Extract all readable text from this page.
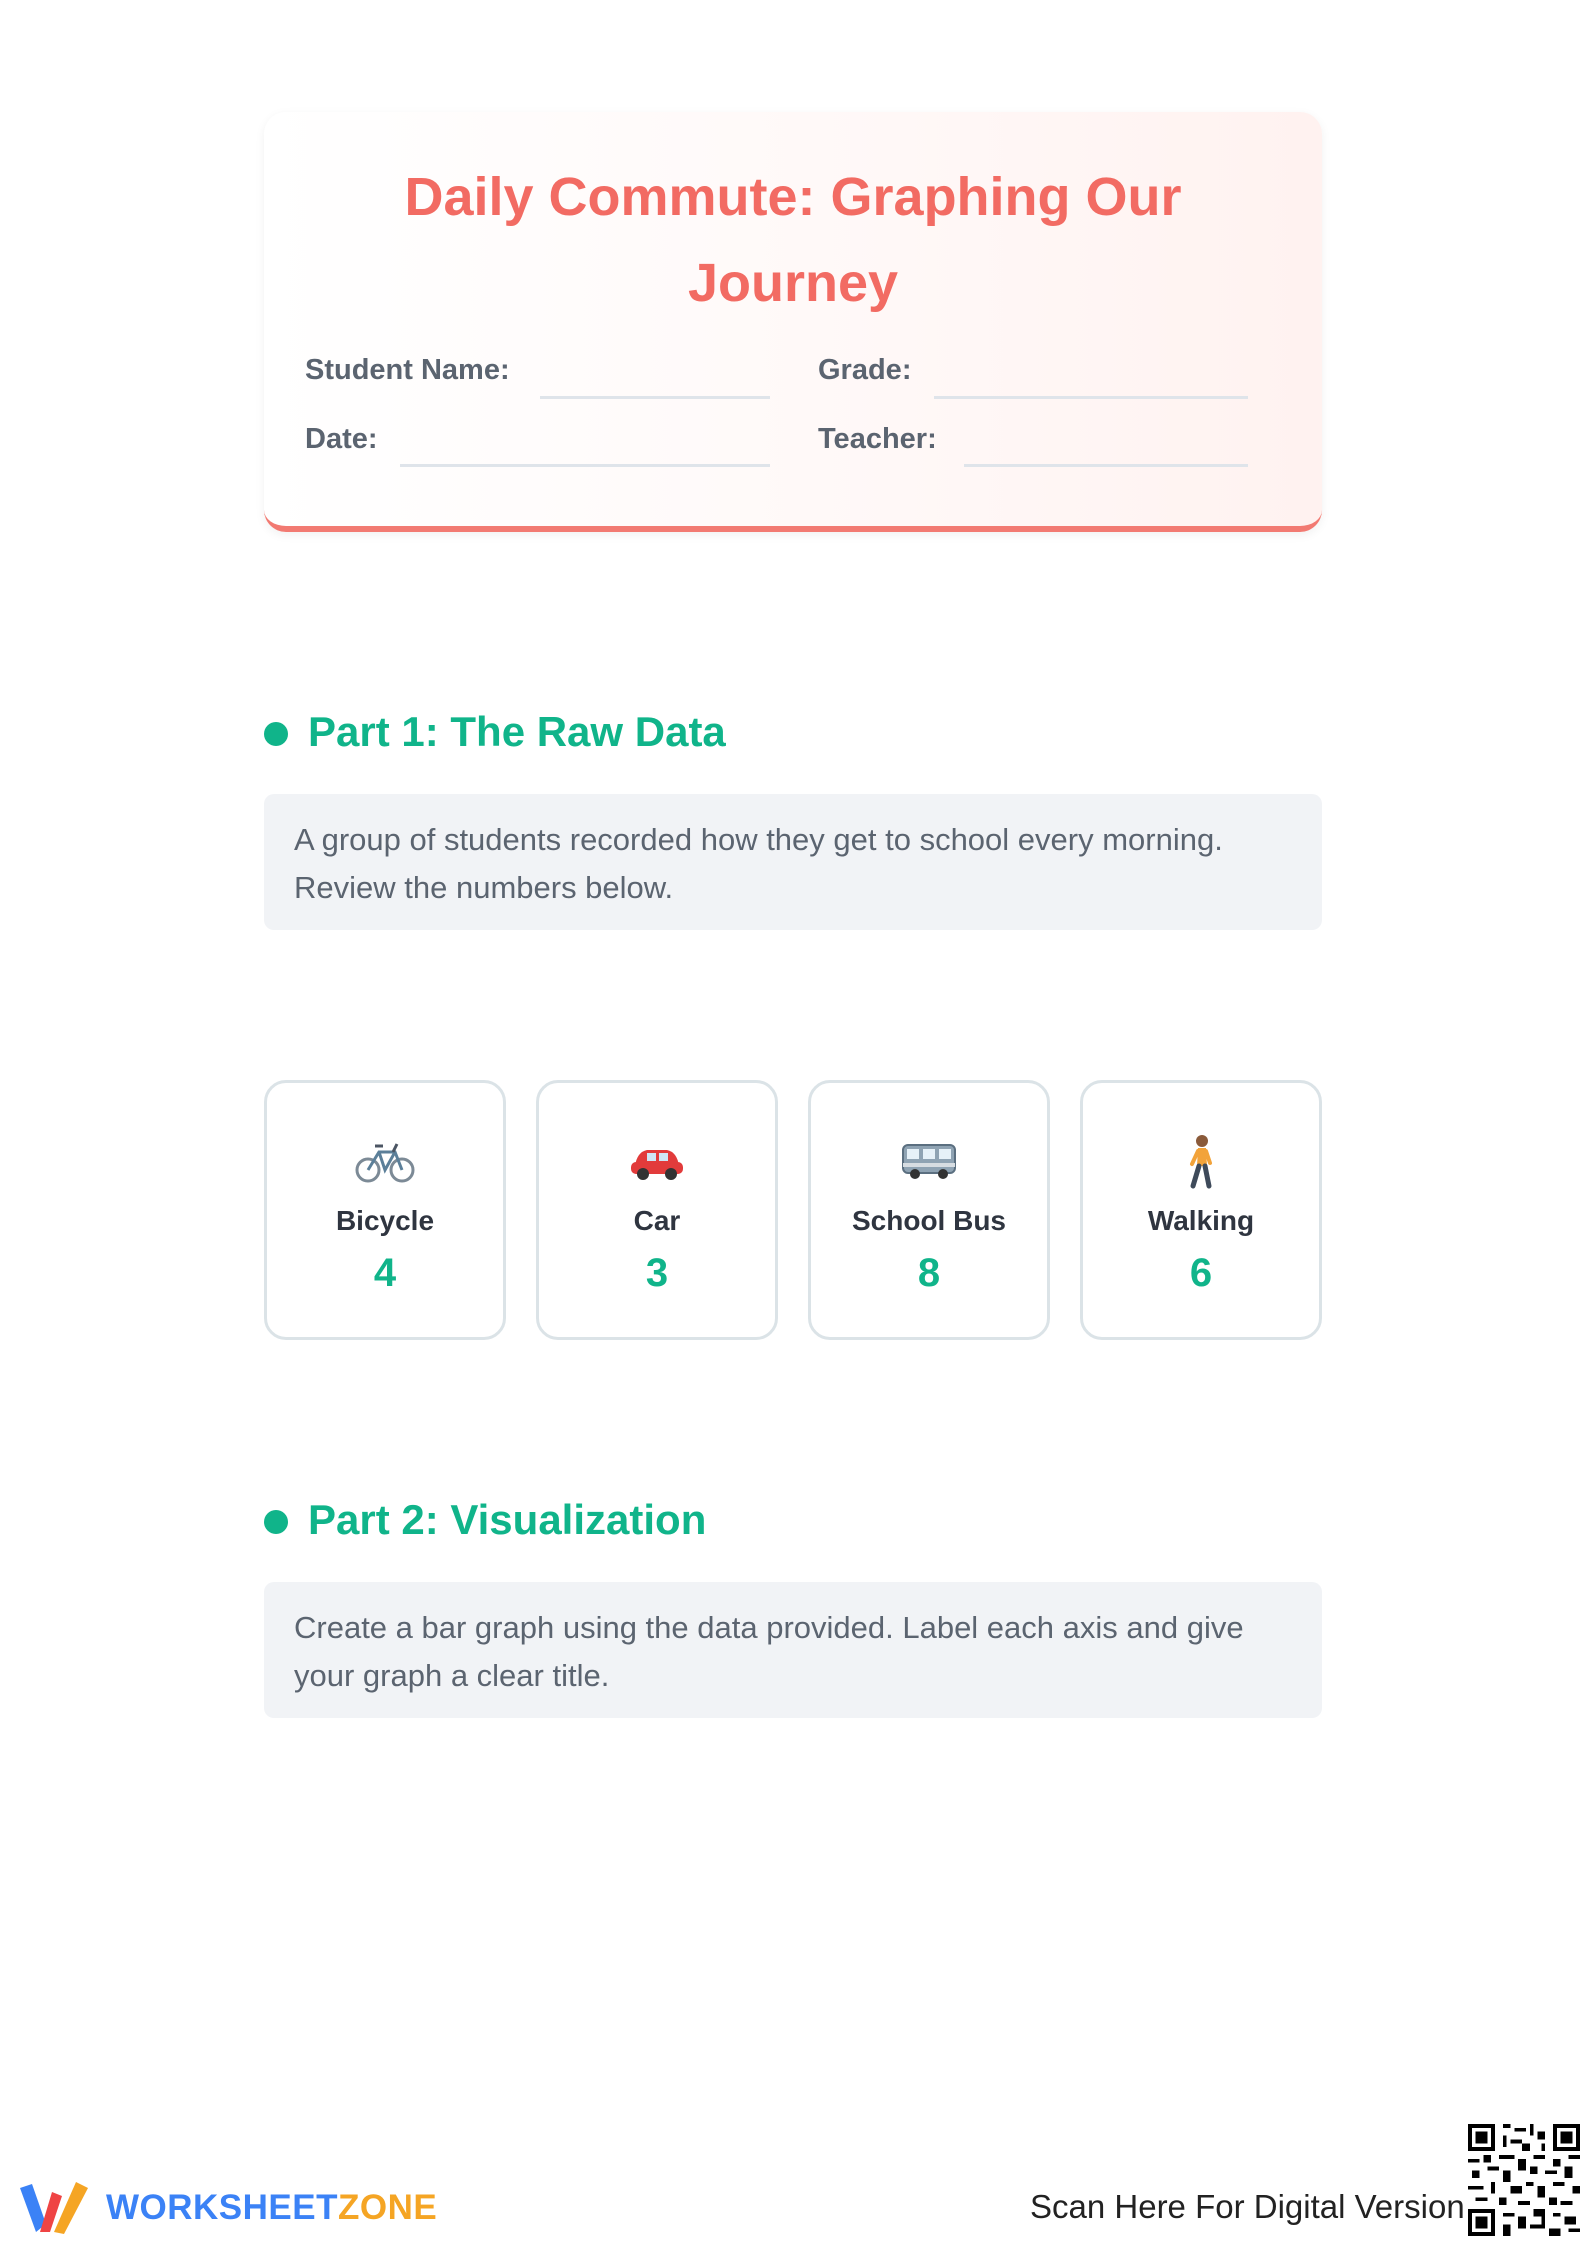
Daily Commute: Graphing Our
Journey
Student Name:	Grade:
Date:	Teacher:
Part 1: The Raw Data
A group of students recorded how they get to school every morning. Review the numbers below.
Bicycle
4
Car
3
School Bus
8
Walking
6
Part 2: Visualization
Create a bar graph using the data provided. Label each axis and give your graph a clear title.
WORKSHEETZONE	Scan Here For Digital Version
